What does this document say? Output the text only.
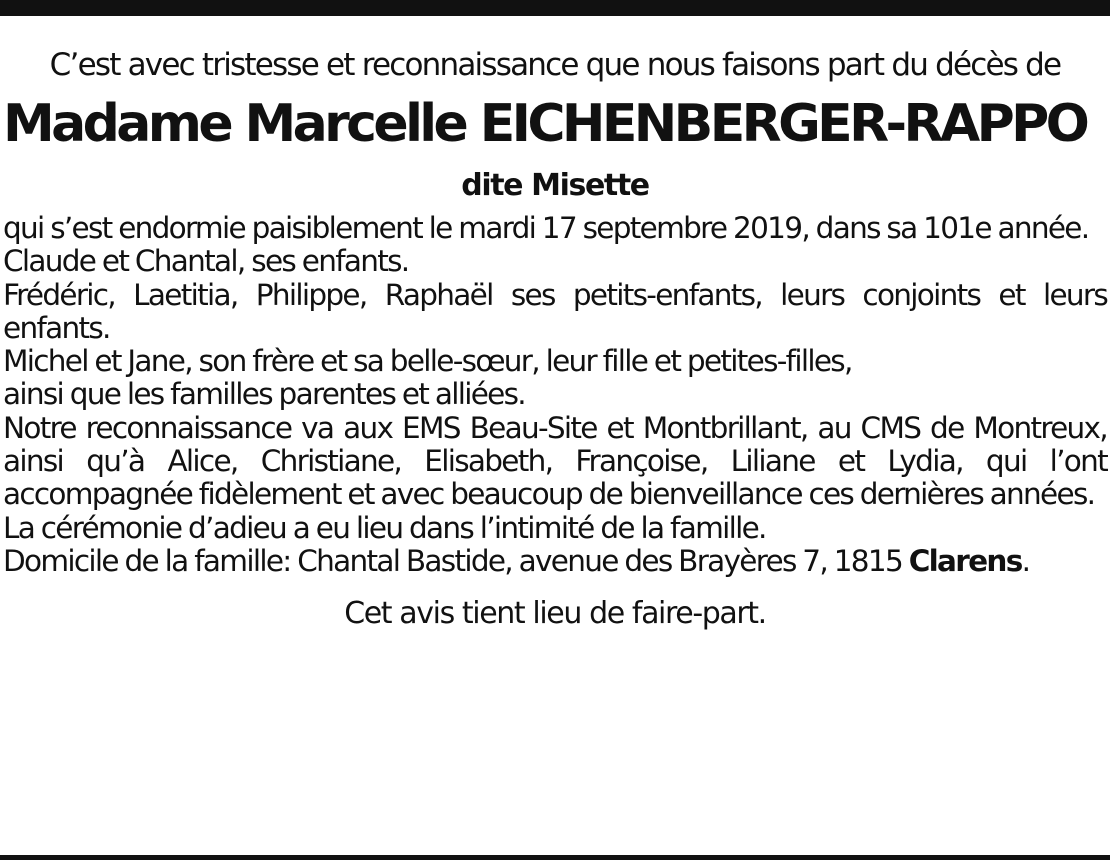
C’est avec tristesse et reconnaissance que nous faisons part du décès de
Madame Marcelle EICHENBERGER-RAPPO
dite Misette

qui s’est endormie paisiblement le mardi 17 septembre 2019, dans sa 101e année.

Claude et Chantal, ses enfants.

Frédéric, Laetitia, Philippe, Raphaël ses petits-enfants, leurs conjoints et leurs enfants.

Michel et Jane, son frère et sa belle-sœur, leur fille et petites-filles,

ainsi que les familles parentes et alliées.

Notre reconnaissance va aux EMS Beau-Site et Montbrillant, au CMS de Montreux, ainsi qu’à Alice, Christiane, Elisabeth, Françoise, Liliane et Lydia, qui l’ont accompagnée fidèlement et avec beaucoup de bienveillance ces dernières années.

La cérémonie d’adieu a eu lieu dans l’intimité de la famille.

Domicile de la famille: Chantal Bastide, avenue des Brayères 7, 1815 Clarens.

Cet avis tient lieu de faire-part.
